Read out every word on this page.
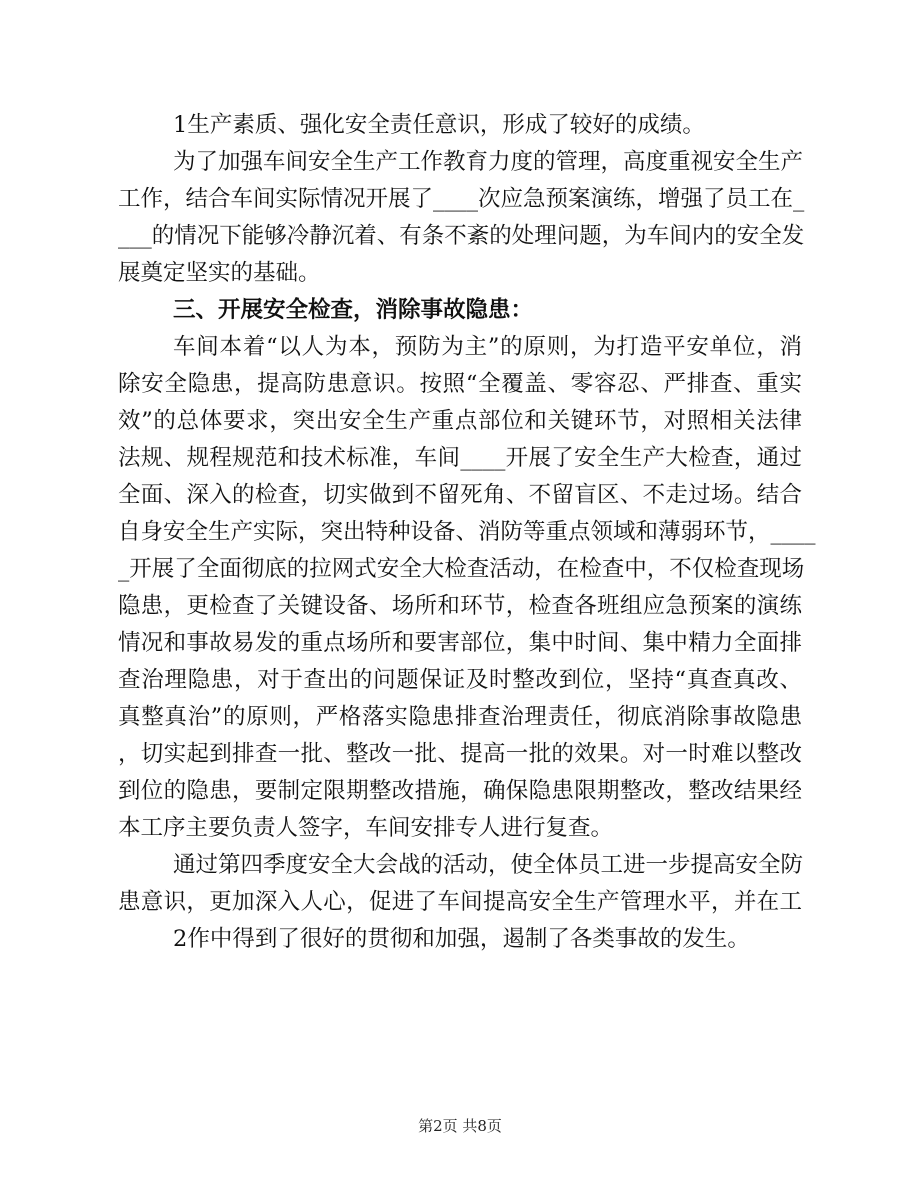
1生产素质、强化安全责任意识，形成了较好的成绩。
为了加强车间安全生产工作教育力度的管理，高度重视安全生产
工作，结合车间实际情况开展了____次应急预案演练，增强了员工在_
___的情况下能够冷静沉着、有条不紊的处理问题，为车间内的安全发
展奠定坚实的基础。
三、开展安全检查，消除事故隐患：
车间本着“以人为本，预防为主”的原则，为打造平安单位，消
除安全隐患，提高防患意识。按照“全覆盖、零容忍、严排查、重实
效”的总体要求，突出安全生产重点部位和关键环节，对照相关法律
法规、规程规范和技术标准，车间____开展了安全生产大检查，通过
全面、深入的检查，切实做到不留死角、不留盲区、不走过场。结合
自身安全生产实际，突出特种设备、消防等重点领域和薄弱环节，____
_开展了全面彻底的拉网式安全大检查活动，在检查中，不仅检查现场
隐患，更检查了关键设备、场所和环节，检查各班组应急预案的演练
情况和事故易发的重点场所和要害部位，集中时间、集中精力全面排
查治理隐患，对于查出的问题保证及时整改到位，坚持“真查真改、
真整真治”的原则，严格落实隐患排查治理责任，彻底消除事故隐患
，切实起到排查一批、整改一批、提高一批的效果。对一时难以整改
到位的隐患，要制定限期整改措施，确保隐患限期整改，整改结果经
本工序主要负责人签字，车间安排专人进行复查。
通过第四季度安全大会战的活动，使全体员工进一步提高安全防
患意识，更加深入人心，促进了车间提高安全生产管理水平，并在工
2作中得到了很好的贯彻和加强，遏制了各类事故的发生。
第2页 共8页
